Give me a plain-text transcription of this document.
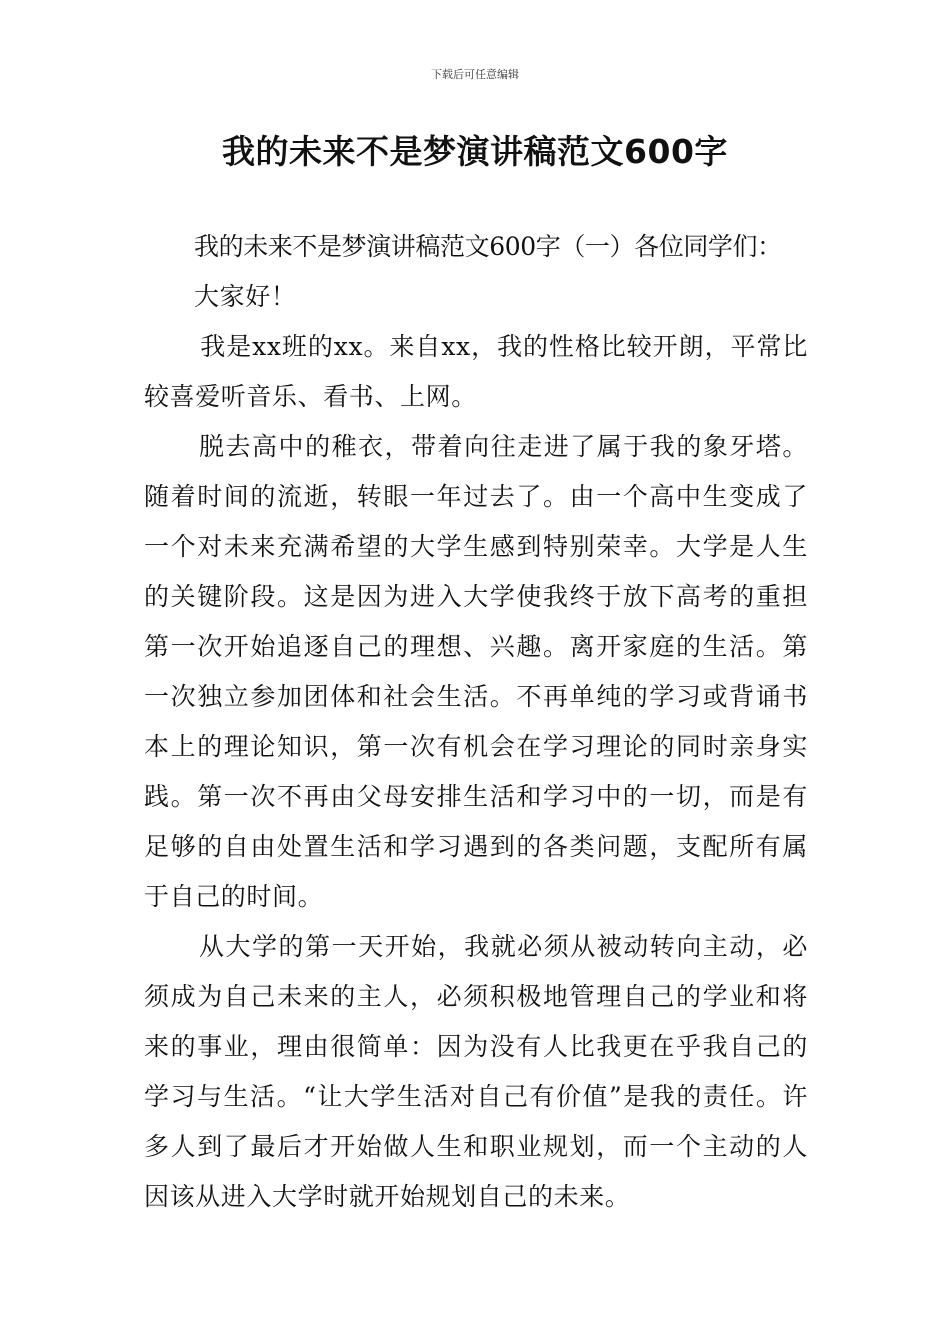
下载后可任意编辑
我的未来不是梦演讲稿范文600字

我的未来不是梦演讲稿范文600字（一）各位同学们：

大家好！

我是xx班的xx。来自xx，我的性格比较开朗，平常比较喜爱听音乐、看书、上网。

脱去高中的稚衣，带着向往走进了属于我的象牙塔。随着时间的流逝，转眼一年过去了。由一个高中生变成了一个对未来充满希望的大学生感到特别荣幸。大学是人生的关键阶段。这是因为进入大学使我终于放下高考的重担第一次开始追逐自己的理想、兴趣。离开家庭的生活。第一次独立参加团体和社会生活。不再单纯的学习或背诵书本上的理论知识，第一次有机会在学习理论的同时亲身实践。第一次不再由父母安排生活和学习中的一切，而是有足够的自由处置生活和学习遇到的各类问题，支配所有属于自己的时间。

从大学的第一天开始，我就必须从被动转向主动，必须成为自己未来的主人，必须积极地管理自己的学业和将来的事业，理由很简单：因为没有人比我更在乎我自己的学习与生活。“让大学生活对自己有价值”是我的责任。许多人到了最后才开始做人生和职业规划，而一个主动的人因该从进入大学时就开始规划自己的未来。
